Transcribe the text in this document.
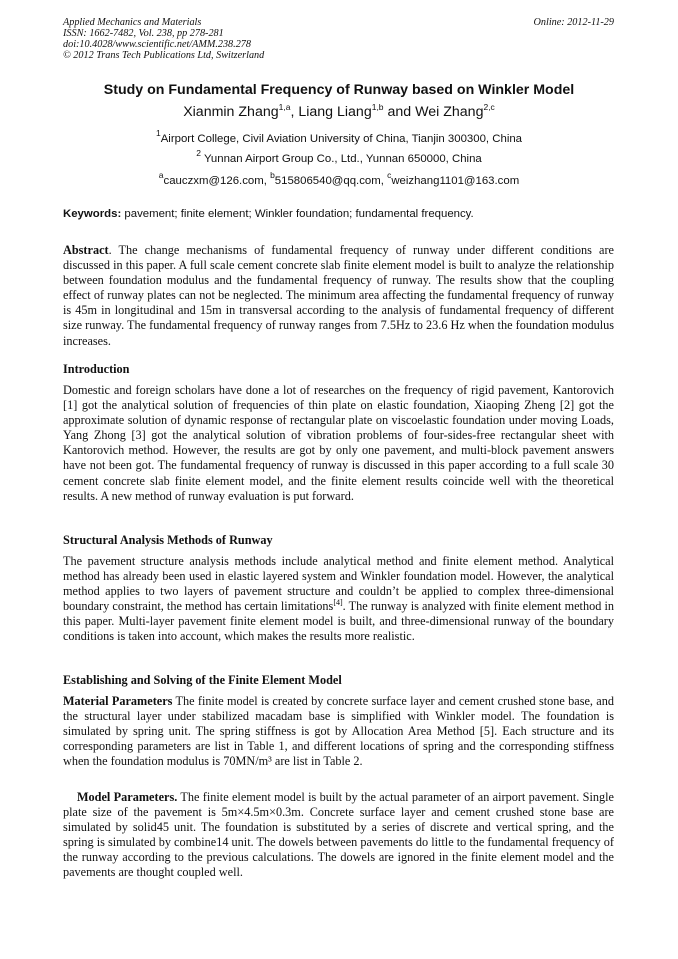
Applied Mechanics and Materials
ISSN: 1662-7482, Vol. 238, pp 278-281
doi:10.4028/www.scientific.net/AMM.238.278
© 2012 Trans Tech Publications Ltd, Switzerland
Online: 2012-11-29
Study on Fundamental Frequency of Runway based on Winkler Model
Xianmin Zhang$^{1,a}$, Liang Liang$^{1,b}$ and Wei Zhang$^{2,c}$
$^1$Airport College, Civil Aviation University of China, Tianjin 300300, China
$^2$ Yunnan Airport Group Co., Ltd., Yunnan 650000, China
$^a$cauczxm@126.com, $^b$515806540@qq.com, $^c$weizhang1101@163.com
Keywords: pavement; finite element; Winkler foundation; fundamental frequency.
Abstract. The change mechanisms of fundamental frequency of runway under different conditions are discussed in this paper. A full scale cement concrete slab finite element model is built to analyze the relationship between foundation modulus and the fundamental frequency of runway. The results show that the coupling effect of runway plates can not be neglected. The minimum area affecting the fundamental frequency of runway is 45m in longitudinal and 15m in transversal according to the analysis of fundamental frequency of different size runway. The fundamental frequency of runway ranges from 7.5Hz to 23.6 Hz when the foundation modulus increases.
Introduction
Domestic and foreign scholars have done a lot of researches on the frequency of rigid pavement, Kantorovich [1] got the analytical solution of frequencies of thin plate on elastic foundation, Xiaoping Zheng [2] got the approximate solution of dynamic response of rectangular plate on viscoelastic foundation under moving Loads, Yang Zhong [3] got the analytical solution of vibration problems of four-sides-free rectangular sheet with Kantorovich method. However, the results are got by only one pavement, and multi-block pavement answers have not been got. The fundamental frequency of runway is discussed in this paper according to a full scale 30 cement concrete slab finite element model, and the finite element results coincide well with the theoretical results. A new method of runway evaluation is put forward.
Structural Analysis Methods of Runway
The pavement structure analysis methods include analytical method and finite element method. Analytical method has already been used in elastic layered system and Winkler foundation model. However, the analytical method applies to two layers of pavement structure and couldn’t be applied to complex three-dimensional boundary constraint, the method has certain limitations[4]. The runway is analyzed with finite element method in this paper. Multi-layer pavement finite element model is built, and three-dimensional runway of the boundary conditions is taken into account, which makes the results more realistic.
Establishing and Solving of the Finite Element Model
Material Parameters The finite model is created by concrete surface layer and cement crushed stone base, and the structural layer under stabilized macadam base is simplified with Winkler model. The foundation is simulated by spring unit. The spring stiffness is got by Allocation Area Method [5]. Each structure and its corresponding parameters are list in Table 1, and different locations of spring and the corresponding stiffness when the foundation modulus is 70MN/m³ are list in Table 2.
Model Parameters. The finite element model is built by the actual parameter of an airport pavement. Single plate size of the pavement is 5m×4.5m×0.3m. Concrete surface layer and cement crushed stone base are simulated by solid45 unit. The foundation is substituted by a series of discrete and vertical spring, and the spring is simulated by combine14 unit. The dowels between pavements do little to the fundamental frequency of the runway according to the previous calculations. The dowels are ignored in the finite element model and the pavements are thought coupled well.
